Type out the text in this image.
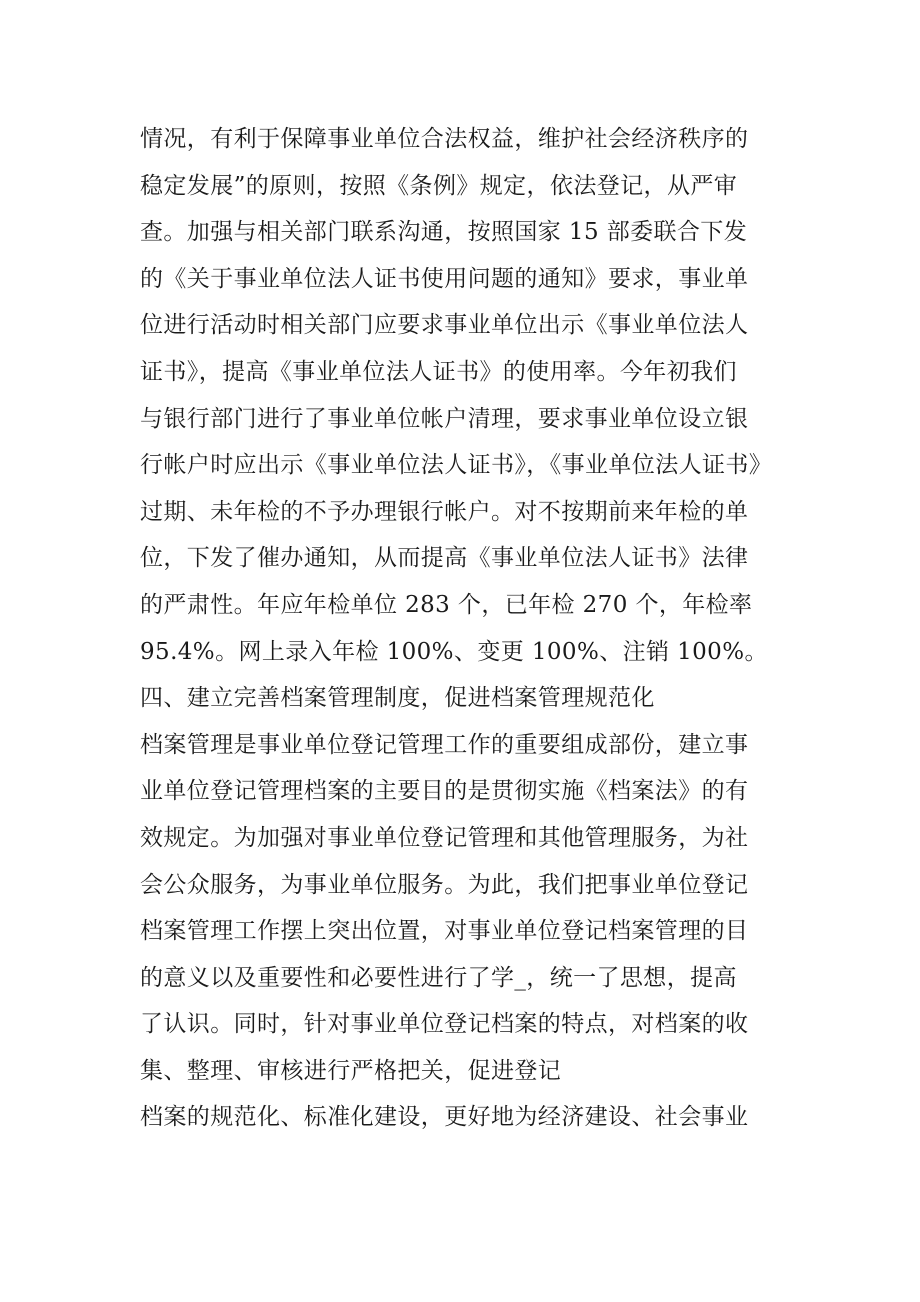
情况，有利于保障事业单位合法权益，维护社会经济秩序的
稳定发展”的原则，按照《条例》规定，依法登记，从严审
查。加强与相关部门联系沟通，按照国家 15 部委联合下发
的《关于事业单位法人证书使用问题的通知》要求，事业单
位进行活动时相关部门应要求事业单位出示《事业单位法人
证书》，提高《事业单位法人证书》的使用率。今年初我们
与银行部门进行了事业单位帐户清理，要求事业单位设立银
行帐户时应出示《事业单位法人证书》，《事业单位法人证书》
过期、未年检的不予办理银行帐户。对不按期前来年检的单
位，下发了催办通知，从而提高《事业单位法人证书》法律
的严肃性。年应年检单位 283 个，已年检 270 个，年检率
95.4%。网上录入年检 100%、变更 100%、注销 100%。
四、建立完善档案管理制度，促进档案管理规范化
档案管理是事业单位登记管理工作的重要组成部份，建立事
业单位登记管理档案的主要目的是贯彻实施《档案法》的有
效规定。为加强对事业单位登记管理和其他管理服务，为社
会公众服务，为事业单位服务。为此，我们把事业单位登记
档案管理工作摆上突出位置，对事业单位登记档案管理的目
的意义以及重要性和必要性进行了学_，统一了思想，提高
了认识。同时，针对事业单位登记档案的特点，对档案的收
集、整理、审核进行严格把关，促进登记
档案的规范化、标准化建设，更好地为经济建设、社会事业
